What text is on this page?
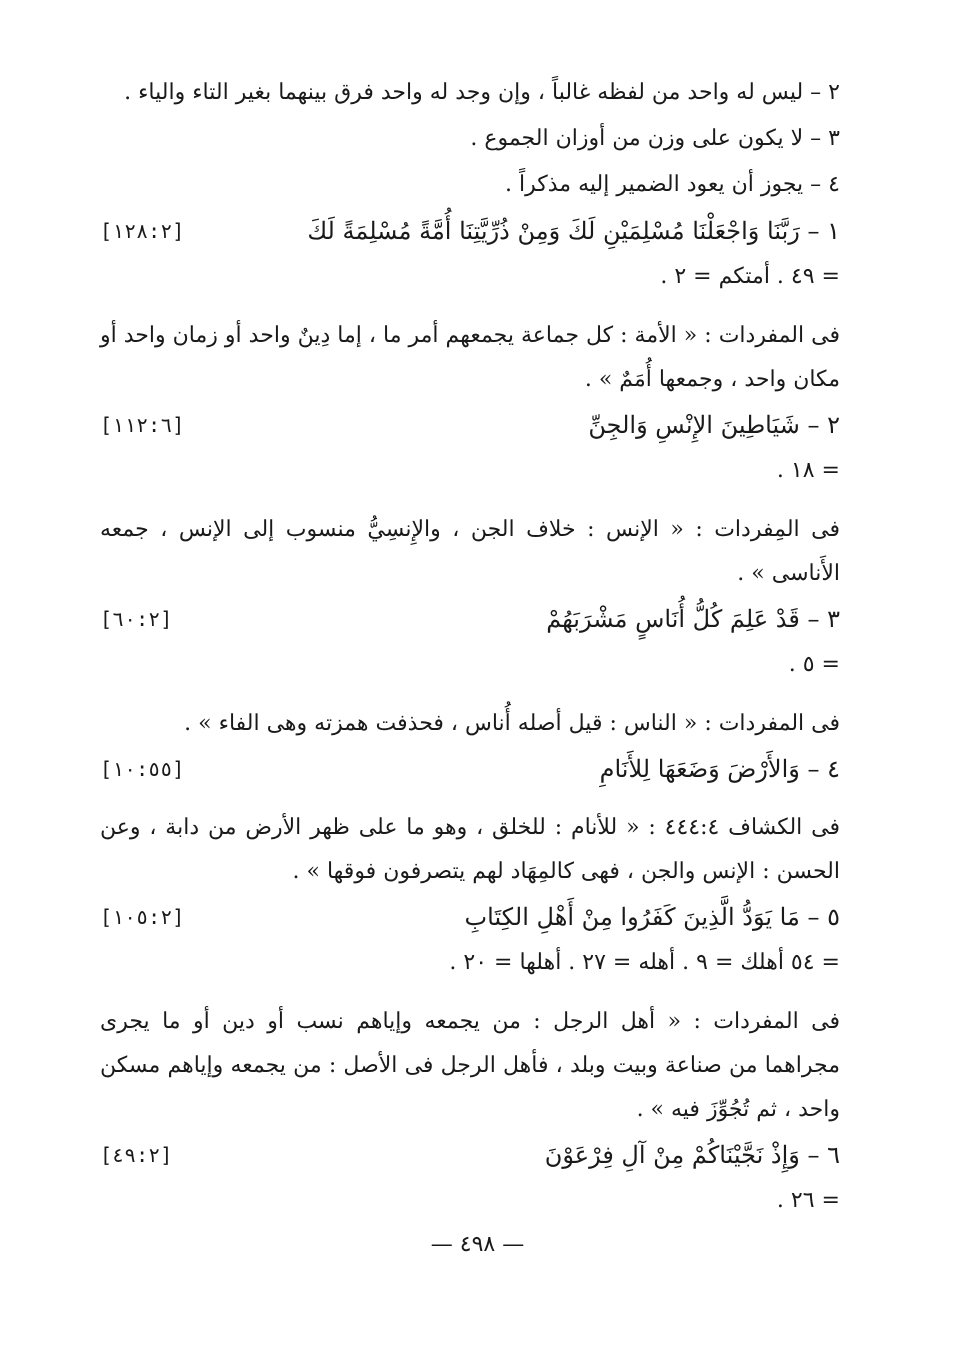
٢ – ليس له واحد من لفظه غالباً ، وإن وجد له واحد فرق بينهما بغير التاء والياء .
٣ – لا يكون على وزن من أوزان الجموع .
٤ – يجوز أن يعود الضمير إليه مذكراً .
١ – رَبَّنَا وَاجْعَلْنَا مُسْلِمَيْنِ لَكَ وَمِنْ ذُرِّيَّتِنَا أُمَّةً مُسْلِمَةً لَكَ
[١٢٨:٢]
= ٤٩ . أمتكم = ٢ .

فى المفردات : « الأمة : كل جماعة يجمعهم أمر ما ، إما دِينٌ واحد أو زمان واحد أو مكان واحد ، وجمعها أُمَمٌ » .

٢ – شَيَاطِينَ الإِنْسِ وَالجِنِّ
[١١٢:٦]
= ١٨ .

فى المِفردات : « الإنس : خلاف الجن ، والإِنسِيُّ منسوب إلى الإنس ، جمعه الأَناسى » .

٣ – قَدْ عَلِمَ كُلُّ أُنَاسٍ مَشْرَبَهُمْ
[٦٠:٢]
= ٥ .

فى المفردات : « الناس : قيل أصله أُناس ، فحذفت همزته وهى الفاء » .

٤ – وَالأَرْضَ وَضَعَهَا لِلأَنَامِ
[١٠:٥٥]

فى الكشاف ٤٤٤:٤ : « للأنام : للخلق ، وهو ما على ظهر الأرض من دابة ، وعن الحسن : الإنس والجن ، فهى كالمِهَاد لهم يتصرفون فوقها » .

٥ – مَا يَوَدُّ الَّذِينَ كَفَرُوا مِنْ أَهْلِ الكِتَابِ
[١٠٥:٢]
= ٥٤ أهلك = ٩ . أهله = ٢٧ . أهلها = ٢٠ .

فى المفردات : « أهل الرجل : من يجمعه وإياهم نسب أو دين أو ما يجرى مجراهما من صناعة وبيت وبلد ، فأهل الرجل فى الأصل : من يجمعه وإياهم مسكن واحد ، ثم تُجُوِّزَ فيه » .

٦ – وَإِذْ نَجَّيْنَاكُمْ مِنْ آلِ فِرْعَوْنَ
[٤٩:٢]
= ٢٦ .
— ٤٩٨ —
